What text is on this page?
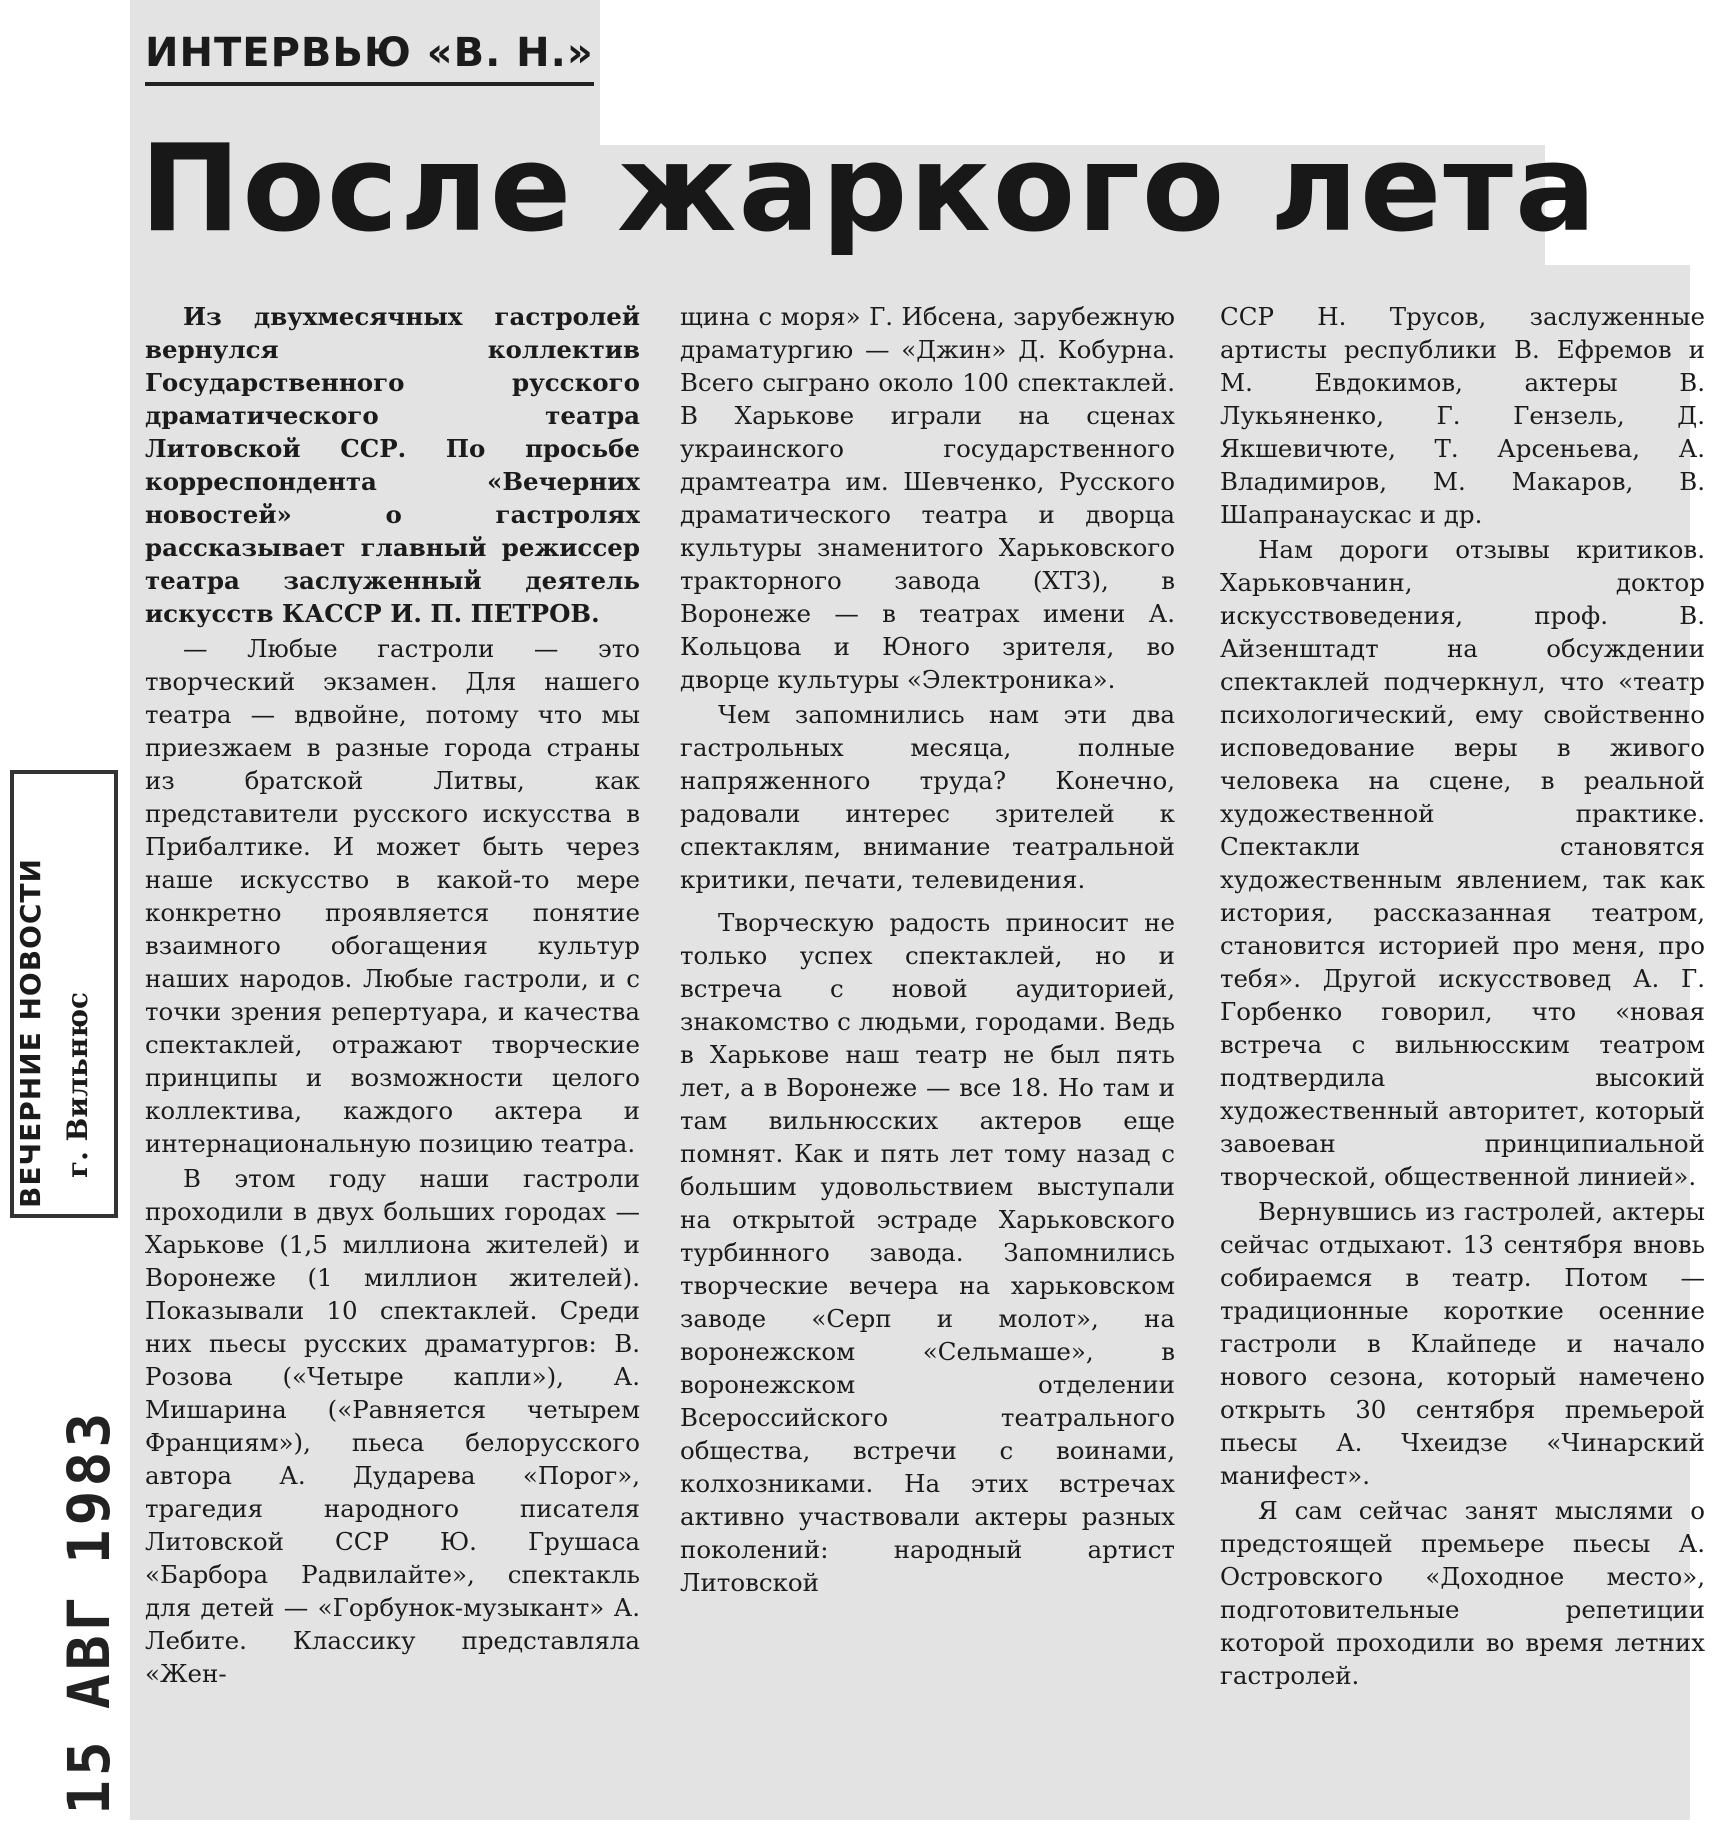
ИНТЕРВЬЮ «В. Н.»
После жаркого лета

Из двухмесячных гастролей вернулся коллектив Государственного русского драматического театра Литовской ССР. По просьбе корреспондента «Вечерних новостей» о гастролях рассказывает главный режиссер театра заслуженный деятель искусств КАССР И. П. ПЕТРОВ.

— Любые гастроли — это творческий экзамен. Для нашего театра — вдвойне, потому что мы приезжаем в разные города страны из братской Литвы, как представители русского искусства в Прибалтике. И может быть через наше искусство в какой-то мере конкретно проявляется понятие взаимного обогащения культур наших народов. Любые гастроли, и с точки зрения репертуара, и качества спектаклей, отражают творческие принципы и возможности целого коллектива, каждого актера и интернациональную позицию театра.

В этом году наши гастроли проходили в двух больших городах — Харькове (1,5 миллиона жителей) и Воронеже (1 миллион жителей). Показывали 10 спектаклей. Среди них пьесы русских драматургов: В. Розова («Четыре капли»), А. Мишарина («Равняется четырем Франциям»), пьеса белорусского автора А. Дударева «Порог», трагедия народного писателя Литовской ССР Ю. Грушаса «Барбора Радвилайте», спектакль для детей — «Горбунок-музыкант» А. Лебите. Классику представляла «Жен-

щина с моря» Г. Ибсена, зарубежную драматургию — «Джин» Д. Кобурна. Всего сыграно около 100 спектаклей. В Харькове играли на сценах украинского государственного драмтеатра им. Шевченко, Русского драматического театра и дворца культуры знаменитого Харьковского тракторного завода (ХТЗ), в Воронеже — в театрах имени А. Кольцова и Юного зрителя, во дворце культуры «Электроника».

Чем запомнились нам эти два гастрольных месяца, полные напряженного труда? Конечно, радовали интерес зрителей к спектаклям, внимание театральной критики, печати, телевидения.

Творческую радость приносит не только успех спектаклей, но и встреча с новой аудиторией, знакомство с людьми, городами. Ведь в Харькове наш театр не был пять лет, а в Воронеже — все 18. Но там и там вильнюсских актеров еще помнят. Как и пять лет тому назад с большим удовольствием выступали на открытой эстраде Харьковского турбинного завода. Запомнились творческие вечера на харьковском заводе «Серп и молот», на воронежском «Сельмаше», в воронежском отделении Всероссийского театрального общества, встречи с воинами, колхозниками. На этих встречах активно участвовали актеры разных поколений: народный артист Литовской

ССР Н. Трусов, заслуженные артисты республики В. Ефремов и М. Евдокимов, актеры В. Лукьяненко, Г. Гензель, Д. Якшевичюте, Т. Арсеньева, А. Владимиров, М. Макаров, В. Шапранаускас и др.

Нам дороги отзывы критиков. Харьковчанин, доктор искусствоведения, проф. В. Айзенштадт на обсуждении спектаклей подчеркнул, что «театр психологический, ему свойственно исповедование веры в живого человека на сцене, в реальной художественной практике. Спектакли становятся художественным явлением, так как история, рассказанная театром, становится историей про меня, про тебя». Другой искусствовед А. Г. Горбенко говорил, что «новая встреча с вильнюсским театром подтвердила высокий художественный авторитет, который завоеван принципиальной творческой, общественной линией».

Вернувшись из гастролей, актеры сейчас отдыхают. 13 сентября вновь собираемся в театр. Потом — традиционные короткие осенние гастроли в Клайпеде и начало нового сезона, который намечено открыть 30 сентября премьерой пьесы А. Чхеидзе «Чинарский манифест».

Я сам сейчас занят мыслями о предстоящей премьере пьесы А. Островского «Доходное место», подготовительные репетиции которой проходили во время летних гастролей.

ВЕЧЕРНИЕ НОВОСТИ г. Вильнюс
15АВГ1983
